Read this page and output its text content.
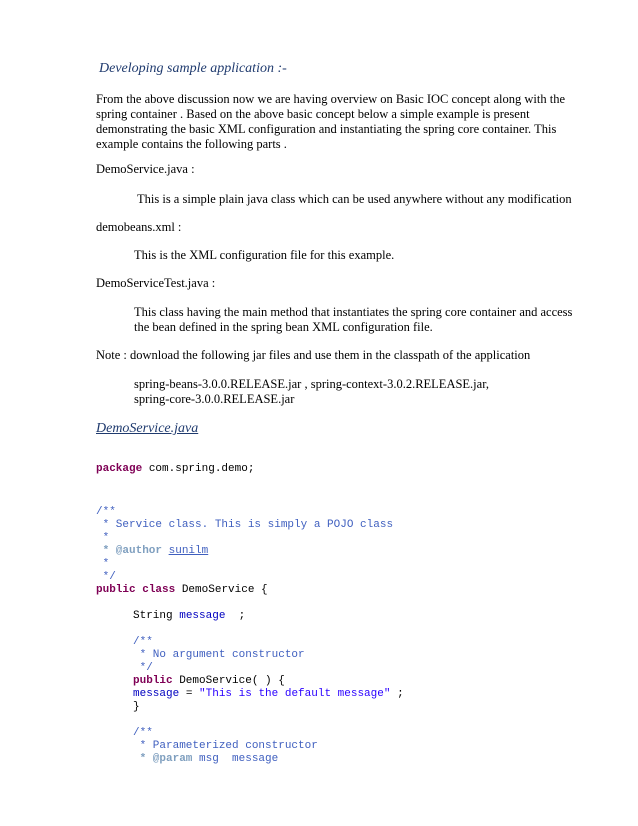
Developing sample application :-
From the above discussion now we are having overview on Basic IOC concept along with the
spring container . Based on the above basic concept below a simple example is present
demonstrating the basic XML configuration and instantiating the spring core container. This
example contains the following parts .
DemoService.java :
This is a simple plain java class which can be used anywhere without any modification
demobeans.xml :
This is the XML configuration file for this example.
DemoServiceTest.java :
This class having the main method that instantiates the spring core container and access
the bean defined in the spring bean XML configuration file.
Note : download the following jar files and use them in the classpath of the application
spring-beans-3.0.0.RELEASE.jar , spring-context-3.0.2.RELEASE.jar,
spring-core-3.0.0.RELEASE.jar
DemoService.java
package com.spring.demo;
/**
* Service class. This is simply a POJO class
*
* @author sunilm
*
*/
public class DemoService {
String message  ;
/**
* No argument constructor
*/
public DemoService( ) {
message = "This is the default message" ;
}
/**
* Parameterized constructor
* @param msg  message
